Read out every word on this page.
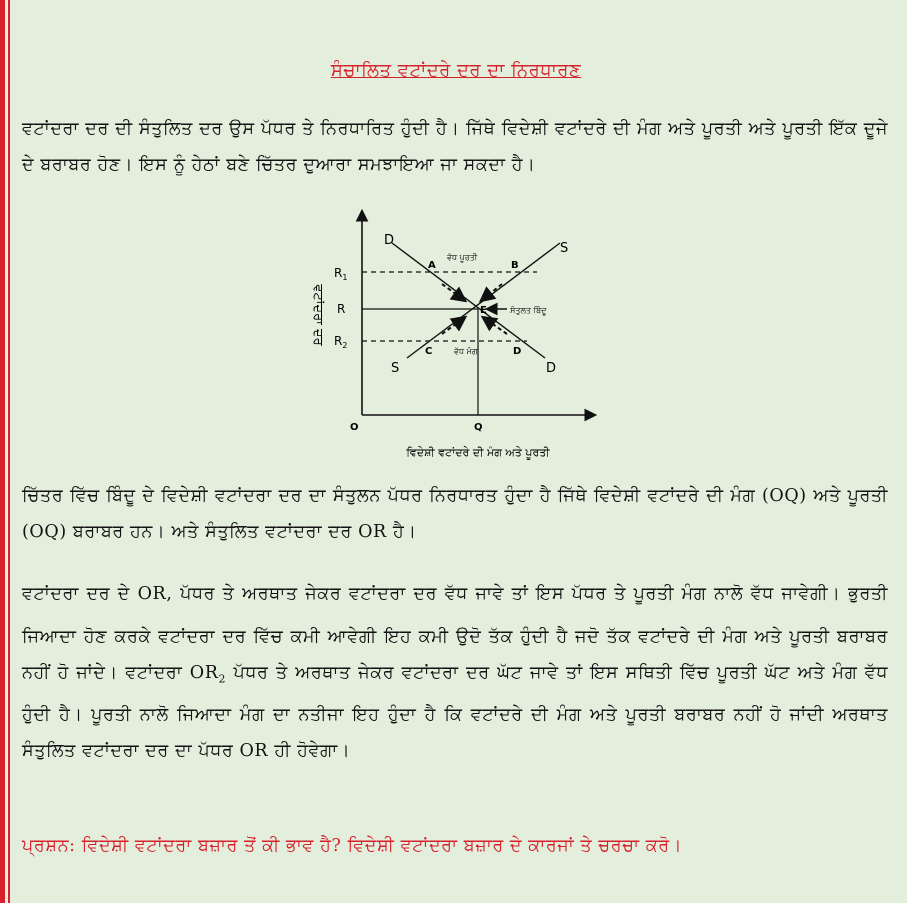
ਸੰਚਾਲਿਤ ਵਟਾਂਦਰੇ ਦਰ ਦਾ ਨਿਰਧਾਰਣ
ਵਟਾਂਦਰਾ ਦਰ ਦੀ ਸੰਤੁਲਿਤ ਦਰ ਉਸ ਪੱਧਰ ਤੇ ਨਿਰਧਾਰਿਤ ਹੁੰਦੀ ਹੈ। ਜਿੱਥੇ ਵਿਦੇਸ਼ੀ ਵਟਾਂਦਰੇ ਦੀ ਮੰਗ ਅਤੇ ਪੂਰਤੀ ਅਤੇ ਪੂਰਤੀ ਇੱਕ ਦੂਜੇ ਦੇ ਬਰਾਬਰ ਹੋਣ। ਇਸ ਨੂੰ ਹੇਠਾਂ ਬਣੇ ਚਿੱਤਰ ਦੁਆਰਾ ਸਮਝਾਇਆ ਜਾ ਸਕਦਾ ਹੈ।
ਵਟਾਂਦਰਾ ਦਰ
ਵਿਦੇਸ਼ੀ ਵਟਾਂਦਰੇ ਦੀ ਮੰਗ ਅਤੇ ਪੂਰਤੀ
O	Q
$R_1$
R
$R_2$
D
D
S
S
A	B
C	D
E
ਵੱਧ ਪੂਰਤੀ
ਵੱਧ ਮੰਗ
ਸੰਤੁਲਤ ਬਿੰਦੂ
ਚਿੱਤਰ ਵਿੱਚ ਬਿੰਦੂ ਦੇ ਵਿਦੇਸ਼ੀ ਵਟਾਂਦਰਾ ਦਰ ਦਾ ਸੰਤੁਲਨ ਪੱਧਰ ਨਿਰਧਾਰਤ ਹੁੰਦਾ ਹੈ ਜਿੱਥੇ ਵਿਦੇਸ਼ੀ ਵਟਾਂਦਰੇ ਦੀ ਮੰਗ (OQ) ਅਤੇ ਪੂਰਤੀ (OQ) ਬਰਾਬਰ ਹਨ। ਅਤੇ ਸੰਤੁਲਿਤ ਵਟਾਂਦਰਾ ਦਰ OR ਹੈ।
ਵਟਾਂਦਰਾ ਦਰ ਦੇ OR, ਪੱਧਰ ਤੇ ਅਰਥਾਤ ਜੇਕਰ ਵਟਾਂਦਰਾ ਦਰ ਵੱਧ ਜਾਵੇ ਤਾਂ ਇਸ ਪੱਧਰ ਤੇ ਪੂਰਤੀ ਮੰਗ ਨਾਲੋ ਵੱਧ ਜਾਵੇਗੀ। ਭੁਰਤੀ ਜਿਆਦਾ ਹੋਣ ਕਰਕੇ ਵਟਾਂਦਰਾ ਦਰ ਵਿੱਚ ਕਮੀ ਆਵੇਗੀ ਇਹ ਕਮੀ ਉਦੋ ਤੱਕ ਹੁੰਦੀ ਹੈ ਜਦੋ ਤੱਕ ਵਟਾਂਦਰੇ ਦੀ ਮੰਗ ਅਤੇ ਪੂਰਤੀ ਬਰਾਬਰ ਨਹੀਂ ਹੋ ਜਾਂਦੇ। ਵਟਾਂਦਰਾ $OR_2$ ਪੱਧਰ ਤੇ ਅਰਥਾਤ ਜੇਕਰ ਵਟਾਂਦਰਾ ਦਰ ਘੱਟ ਜਾਵੇ ਤਾਂ ਇਸ ਸਥਿਤੀ ਵਿੱਚ ਪੂਰਤੀ ਘੱਟ ਅਤੇ ਮੰਗ ਵੱਧ ਹੁੰਦੀ ਹੈ। ਪੂਰਤੀ ਨਾਲੋ ਜਿਆਦਾ ਮੰਗ ਦਾ ਨਤੀਜਾ ਇਹ ਹੁੰਦਾ ਹੈ ਕਿ ਵਟਾਂਦਰੇ ਦੀ ਮੰਗ ਅਤੇ ਪੂਰਤੀ ਬਰਾਬਰ ਨਹੀਂ ਹੋ ਜਾਂਦੀ ਅਰਥਾਤ ਸੰਤੁਲਿਤ ਵਟਾਂਦਰਾ ਦਰ ਦਾ ਪੱਧਰ OR ਹੀ ਹੋਵੇਗਾ।
ਪ੍ਰਸ਼ਨ: ਵਿਦੇਸ਼ੀ ਵਟਾਂਦਰਾ ਬਜ਼ਾਰ ਤੋਂ ਕੀ ਭਾਵ ਹੈ? ਵਿਦੇਸ਼ੀ ਵਟਾਂਦਰਾ ਬਜ਼ਾਰ ਦੇ ਕਾਰਜਾਂ ਤੇ ਚਰਚਾ ਕਰੋ।
